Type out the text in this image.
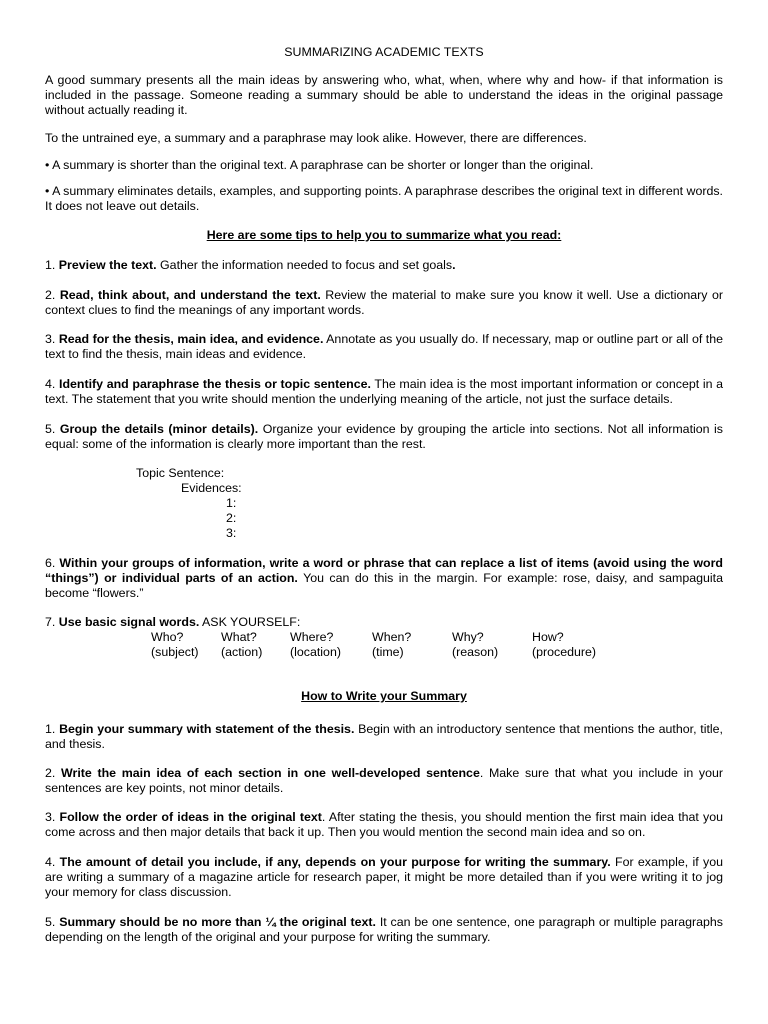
SUMMARIZING ACADEMIC TEXTS

A good summary presents all the main ideas by answering who, what, when, where why and how- if that information is included in the passage. Someone reading a summary should be able to understand the ideas in the original passage without actually reading it.

To the untrained eye, a summary and a paraphrase may look alike. However, there are differences.

• A summary is shorter than the original text. A paraphrase can be shorter or longer than the original.

• A summary eliminates details, examples, and supporting points. A paraphrase describes the original text in different words. It does not leave out details.

Here are some tips to help you to summarize what you read:

1. Preview the text. Gather the information needed to focus and set goals.

2. Read, think about, and understand the text. Review the material to make sure you know it well. Use a dictionary or context clues to find the meanings of any important words.

3. Read for the thesis, main idea, and evidence. Annotate as you usually do. If necessary, map or outline part or all of the text to find the thesis, main ideas and evidence.

4. Identify and paraphrase the thesis or topic sentence. The main idea is the most important information or concept in a text. The statement that you write should mention the underlying meaning of the article, not just the surface details.

5. Group the details (minor details). Organize your evidence by grouping the article into sections. Not all information is equal: some of the information is clearly more important than the rest.

Topic Sentence:
Evidences:
1:
2:
3:

6. Within your groups of information, write a word or phrase that can replace a list of items (avoid using the word “things”) or individual parts of an action. You can do this in the margin. For example: rose, daisy, and sampaguita become “flowers.”

7. Use basic signal words. ASK YOURSELF:

Who?
(subject)
What?
(action)
Where?
(location)
When?
(time)
Why?
(reason)
How?
(procedure)
How to Write your Summary

1. Begin your summary with statement of the thesis. Begin with an introductory sentence that mentions the author, title, and thesis.

2. Write the main idea of each section in one well-developed sentence. Make sure that what you include in your sentences are key points, not minor details.

3. Follow the order of ideas in the original text. After stating the thesis, you should mention the first main idea that you come across and then major details that back it up. Then you would mention the second main idea and so on.

4. The amount of detail you include, if any, depends on your purpose for writing the summary. For example, if you are writing a summary of a magazine article for research paper, it might be more detailed than if you were writing it to jog your memory for class discussion.

5. Summary should be no more than ¼ the original text. It can be one sentence, one paragraph or multiple paragraphs depending on the length of the original and your purpose for writing the summary.
